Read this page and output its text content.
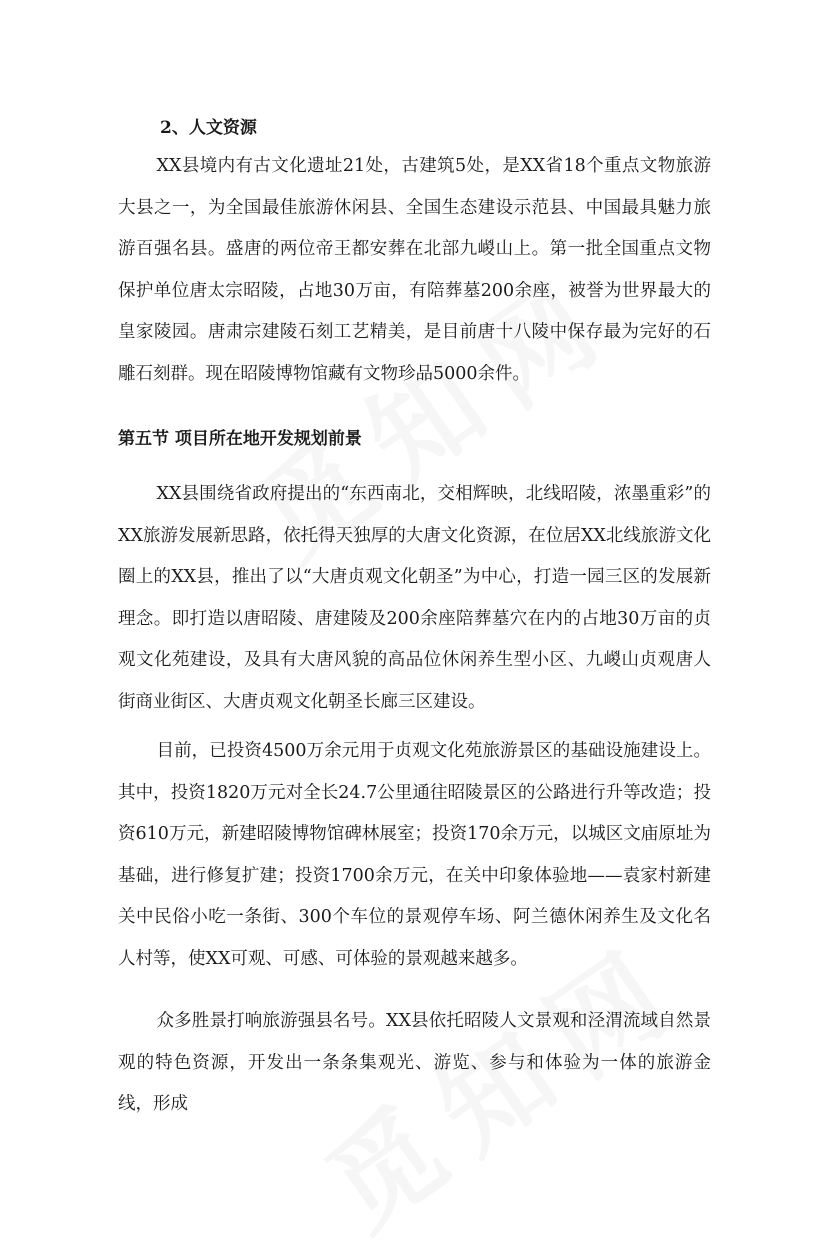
2、人文资源

XX县境内有古文化遗址21处，古建筑5处，是XX省18个重点文物旅游大县之一，为全国最佳旅游休闲县、全国生态建设示范县、中国最具魅力旅游百强名县。盛唐的两位帝王都安葬在北部九嵕山上。第一批全国重点文物保护单位唐太宗昭陵，占地30万亩，有陪葬墓200余座，被誉为世界最大的皇家陵园。唐肃宗建陵石刻工艺精美，是目前唐十八陵中保存最为完好的石雕石刻群。现在昭陵博物馆藏有文物珍品5000余件。

第五节 项目所在地开发规划前景

XX县围绕省政府提出的“东西南北，交相辉映，北线昭陵，浓墨重彩”的XX旅游发展新思路，依托得天独厚的大唐文化资源，在位居XX北线旅游文化圈上的XX县，推出了以“大唐贞观文化朝圣”为中心，打造一园三区的发展新理念。即打造以唐昭陵、唐建陵及200余座陪葬墓穴在内的占地30万亩的贞观文化苑建设，及具有大唐风貌的高品位休闲养生型小区、九嵕山贞观唐人街商业街区、大唐贞观文化朝圣长廊三区建设。

目前，已投资4500万余元用于贞观文化苑旅游景区的基础设施建设上。其中，投资1820万元对全长24.7公里通往昭陵景区的公路进行升等改造；投资610万元，新建昭陵博物馆碑林展室；投资170余万元，以城区文庙原址为基础，进行修复扩建；投资1700余万元，在关中印象体验地——袁家村新建关中民俗小吃一条街、300个车位的景观停车场、阿兰德休闲养生及文化名人村等，使XX可观、可感、可体验的景观越来越多。

众多胜景打响旅游强县名号。XX县依托昭陵人文景观和泾渭流域自然景观的特色资源，开发出一条条集观光、游览、参与和体验为一体的旅游金线，形成
